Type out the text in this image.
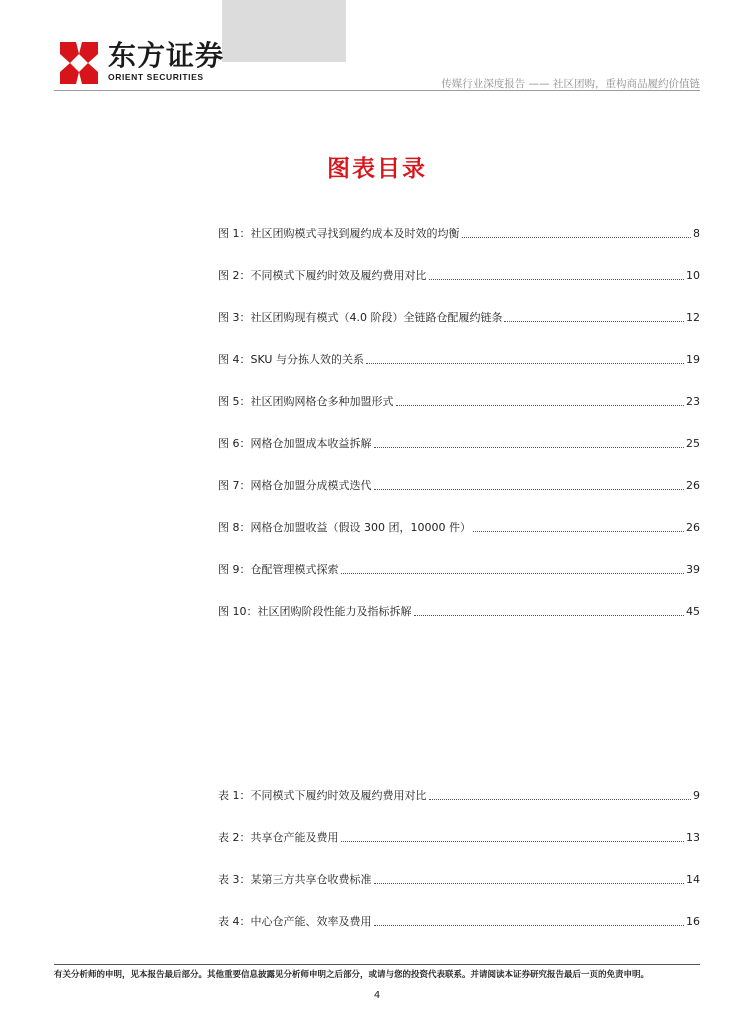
东方证券
ORIENT SECURITIES
传媒行业深度报告 —— 社区团购，重构商品履约价值链
图表目录
图 1：社区团购模式寻找到履约成本及时效的均衡	8
图 2：不同模式下履约时效及履约费用对比	10
图 3：社区团购现有模式（4.0 阶段）全链路仓配履约链条	12
图 4：SKU 与分拣人效的关系	19
图 5：社区团购网格仓多种加盟形式	23
图 6：网格仓加盟成本收益拆解	25
图 7：网格仓加盟分成模式迭代	26
图 8：网格仓加盟收益（假设 300 团，10000 件）	26
图 9：仓配管理模式探索	39
图 10：社区团购阶段性能力及指标拆解	45
表 1：不同模式下履约时效及履约费用对比	9
表 2：共享仓产能及费用	13
表 3：某第三方共享仓收费标准	14
表 4：中心仓产能、效率及费用	16
有关分析师的申明，见本报告最后部分。其他重要信息披露见分析师申明之后部分，或请与您的投资代表联系。并请阅读本证券研究报告最后一页的免责申明。
4
